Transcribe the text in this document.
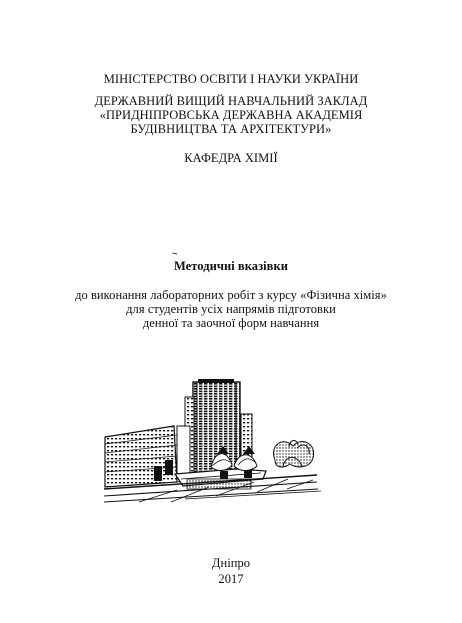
МІНІСТЕРСТВО ОСВІТИ І НАУКИ УКРАЇНИ
ДЕРЖАВНИЙ ВИЩИЙ НАВЧАЛЬНИЙ ЗАКЛАД
«ПРИДНІПРОВСЬКА ДЕРЖАВНА АКАДЕМІЯ
БУДІВНИЦТВА ТА АРХІТЕКТУРИ»
КАФЕДРА ХІМІЇ
Методичні вказівки
до виконання лабораторних робіт з курсу «Фізична хімія»
для студентів усіх напрямів підготовки
денної та заочної форм навчання
Дніпро
2017
